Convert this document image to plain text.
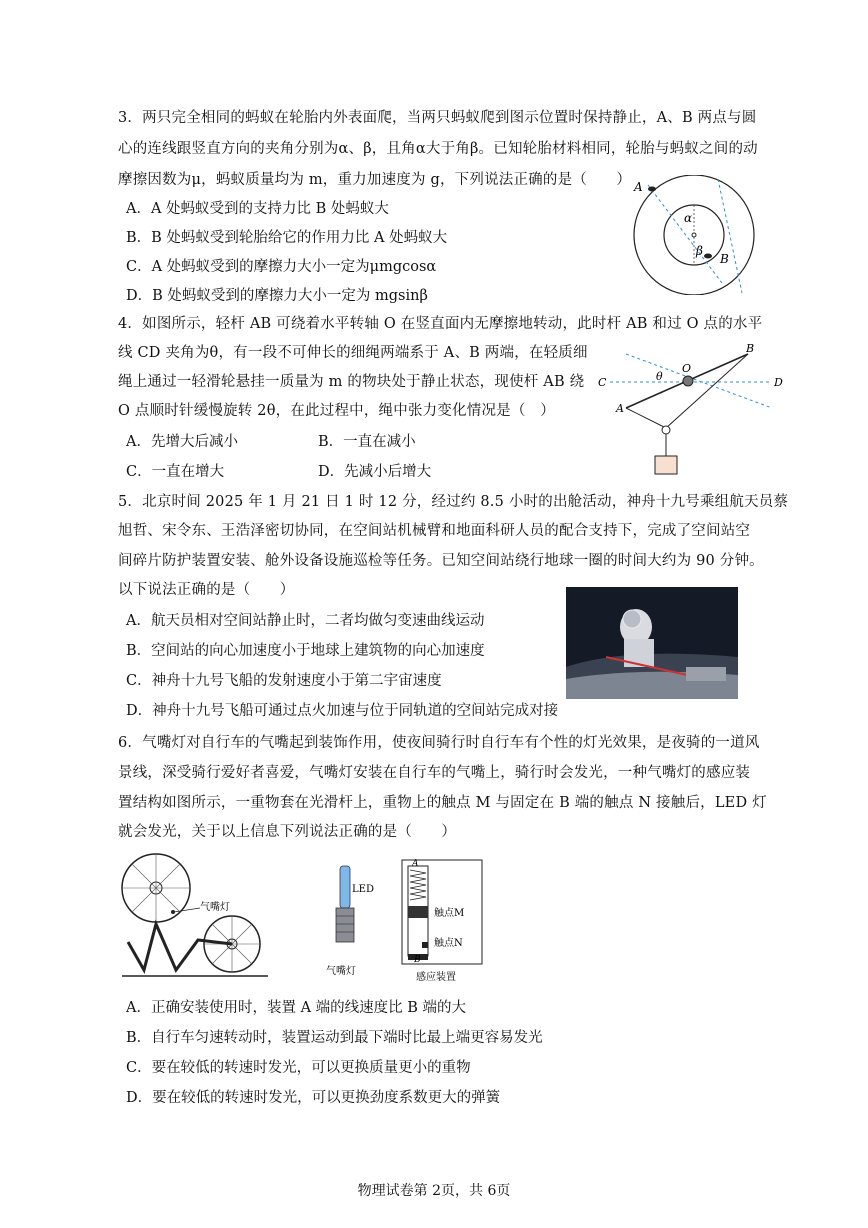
3．两只完全相同的蚂蚁在轮胎内外表面爬，当两只蚂蚁爬到图示位置时保持静止，A、B 两点与圆
心的连线跟竖直方向的夹角分别为α、β，且角α大于角β。已知轮胎材料相同，轮胎与蚂蚁之间的动
摩擦因数为μ，蚂蚁质量均为 m，重力加速度为 g，下列说法正确的是（　　）
A．A 处蚂蚁受到的支持力比 B 处蚂蚁大
B．B 处蚂蚁受到轮胎给它的作用力比 A 处蚂蚁大
C．A 处蚂蚁受到的摩擦力大小一定为μmgcosα
D．B 处蚂蚁受到的摩擦力大小一定为 mgsinβ
A
B
α
β
4．如图所示，轻杆 AB 可绕着水平转轴 O 在竖直面内无摩擦地转动，此时杆 AB 和过 O 点的水平
线 CD 夹角为θ，有一段不可伸长的细绳两端系于 A、B 两端，在轻质细
绳上通过一轻滑轮悬挂一质量为 m 的物块处于静止状态，现使杆 AB 绕
O 点顺时针缓慢旋转 2θ，在此过程中，绳中张力变化情况是（　）
A．先增大后减小	B．一直在减小
C．一直在增大	D．先减小后增大
C	D
B
A
O
θ
5．北京时间 2025 年 1 月 21 日 1 时 12 分，经过约 8.5 小时的出舱活动，神舟十九号乘组航天员蔡
旭哲、宋令东、王浩泽密切协同，在空间站机械臂和地面科研人员的配合支持下，完成了空间站空
间碎片防护装置安装、舱外设备设施巡检等任务。已知空间站绕行地球一圈的时间大约为 90 分钟。
以下说法正确的是（　　）
A．航天员相对空间站静止时，二者均做匀变速曲线运动
B．空间站的向心加速度小于地球上建筑物的向心加速度
C．神舟十九号飞船的发射速度小于第二宇宙速度
D．神舟十九号飞船可通过点火加速与位于同轨道的空间站完成对接
6．气嘴灯对自行车的气嘴起到装饰作用，使夜间骑行时自行车有个性的灯光效果，是夜骑的一道风
景线，深受骑行爱好者喜爱，气嘴灯安装在自行车的气嘴上，骑行时会发光，一种气嘴灯的感应装
置结构如图所示，一重物套在光滑杆上，重物上的触点 M 与固定在 B 端的触点 N 接触后，LED 灯
就会发光，关于以上信息下列说法正确的是（　　）
气嘴灯
LED
气嘴灯
A
B
触点M
触点N
感应装置
A．正确安装使用时，装置 A 端的线速度比 B 端的大
B．自行车匀速转动时，装置运动到最下端时比最上端更容易发光
C．要在较低的转速时发光，可以更换质量更小的重物
D．要在较低的转速时发光，可以更换劲度系数更大的弹簧
物理试卷第 2页，共 6页
